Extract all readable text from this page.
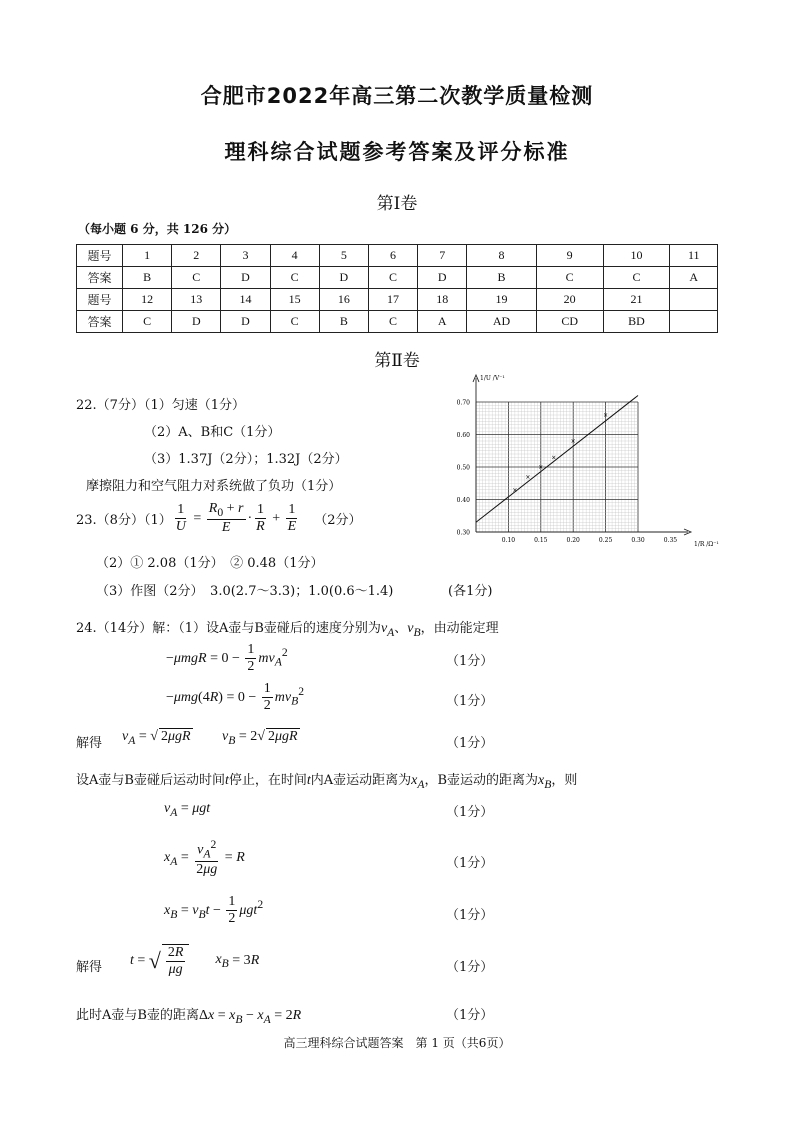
合肥市2022年高三第二次教学质量检测
理科综合试题参考答案及评分标准
第Ⅰ卷
（每小题 6 分，共 126 分）
题号	1	2	3	4	5	6	7	8	9	10	11
答案	B	C	D	C	D	C	D	B	C	C	A
题号	12	13	14	15	16	17	18	19	20	21	
答案	C	D	D	C	B	C	A	AD	CD	BD	
第Ⅱ卷
22.（7分）（1）匀速（1分）
（2）A、B和C（1分）
（3）1.37J（2分）；1.32J（2分）
摩擦阻力和空气阻力对系统做了负功（1分）
23.（8分）$(1) \frac{1}{U} = \frac{R_0 + r}{E} \cdot \frac{1}{R} + \frac{1}{E} (2$分）
（2）① 2.08（1分）　② 0.48（1分）
（3）作图（2分）　3.0(2.7～3.3)；1.0(0.6～1.4)	(各1分)
0.30
0.40
0.50
0.60
0.70
0.10	0.15	0.20	0.25	0.30	0.35
1/U /V⁻¹
1/R /Ω⁻¹
×
×
×
×
×
×
24.（14分）解：（1）设A壶与B壶碰后的速度分别为$v_A$、$v_B$，由动能定理
$-\mu mgR = 0 - \frac{1}{2} mv_A^2$
（1分）
$-\mu mg(4R) = 0 - \frac{1}{2} mv_B^2$
（1分）
解得 $v_A$ = √ 2μgR $v_B = 2√$ 2μgR	（1分）
设A壶与B壶碰后运动时间t停止，在时间t内A壶运动距离为$x_A$，B壶运动的距离为$x_B$，则
$v_A = \mu gt$	（1分）
$x_A = \frac{v_A^2}{2\mu g} = R$	（1分）
$x_B = v_Bt - \frac{1}{2} \mu gt^2$
（1分）
解得 t = √ $\frac{2R}{\mu g} x_B = 3$ R	（1分）
此时A壶与B壶的距离$\Delta x = x_B - x_A = 2R$	（1分）
高三理科综合试题答案　第 1 页（共6页）
